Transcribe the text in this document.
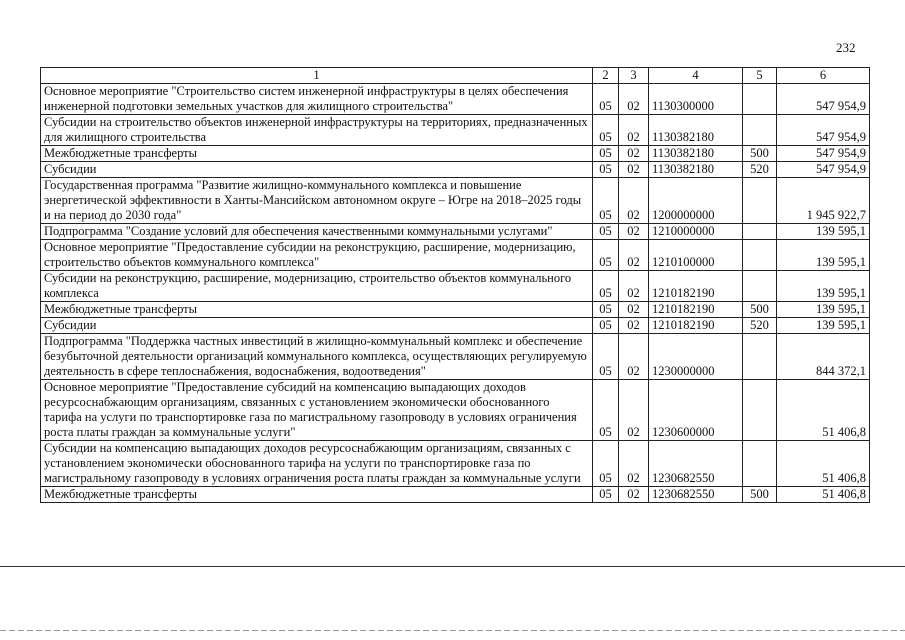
232
1	2	3	4	5	6
Основное мероприятие "Строительство систем инженерной инфраструктуры в целях обеспечения инженерной подготовки земельных участков для жилищного строительства"	05	02	1130300000		547 954,9
Субсидии на строительство объектов инженерной инфраструктуры на территориях, предназначенных для жилищного строительства	05	02	1130382180		547 954,9
Межбюджетные трансферты	05	02	1130382180	500	547 954,9
Субсидии	05	02	1130382180	520	547 954,9
Государственная программа "Развитие жилищно-коммунального комплекса и повышение энергетической эффективности в Ханты-Мансийском автономном округе – Югре на 2018–2025 годы и на период до 2030 года"	05	02	1200000000		1 945 922,7
Подпрограмма "Создание условий для обеспечения качественными коммунальными услугами"	05	02	1210000000		139 595,1
Основное мероприятие "Предоставление субсидии на реконструкцию, расширение, модернизацию, строительство объектов коммунального комплекса"	05	02	1210100000		139 595,1
Субсидии на реконструкцию, расширение, модернизацию, строительство объектов коммунального комплекса	05	02	1210182190		139 595,1
Межбюджетные трансферты	05	02	1210182190	500	139 595,1
Субсидии	05	02	1210182190	520	139 595,1
Подпрограмма "Поддержка частных инвестиций в жилищно-коммунальный комплекс и обеспечение безубыточной деятельности организаций коммунального комплекса, осуществляющих регулируемую деятельность в сфере теплоснабжения, водоснабжения, водоотведения"	05	02	1230000000		844 372,1
Основное мероприятие "Предоставление субсидий на компенсацию выпадающих доходов ресурсоснабжающим организациям, связанных с установлением экономически обоснованного тарифа на услуги по транспортировке газа по магистральному газопроводу в условиях ограничения роста платы граждан за коммунальные услуги"	05	02	1230600000		51 406,8
Субсидии на компенсацию выпадающих доходов ресурсоснабжающим организациям, связанных с установлением экономически обоснованного тарифа на услуги по транспортировке газа по магистральному газопроводу в условиях ограничения роста платы граждан за коммунальные услуги	05	02	1230682550		51 406,8
Межбюджетные трансферты	05	02	1230682550	500	51 406,8
